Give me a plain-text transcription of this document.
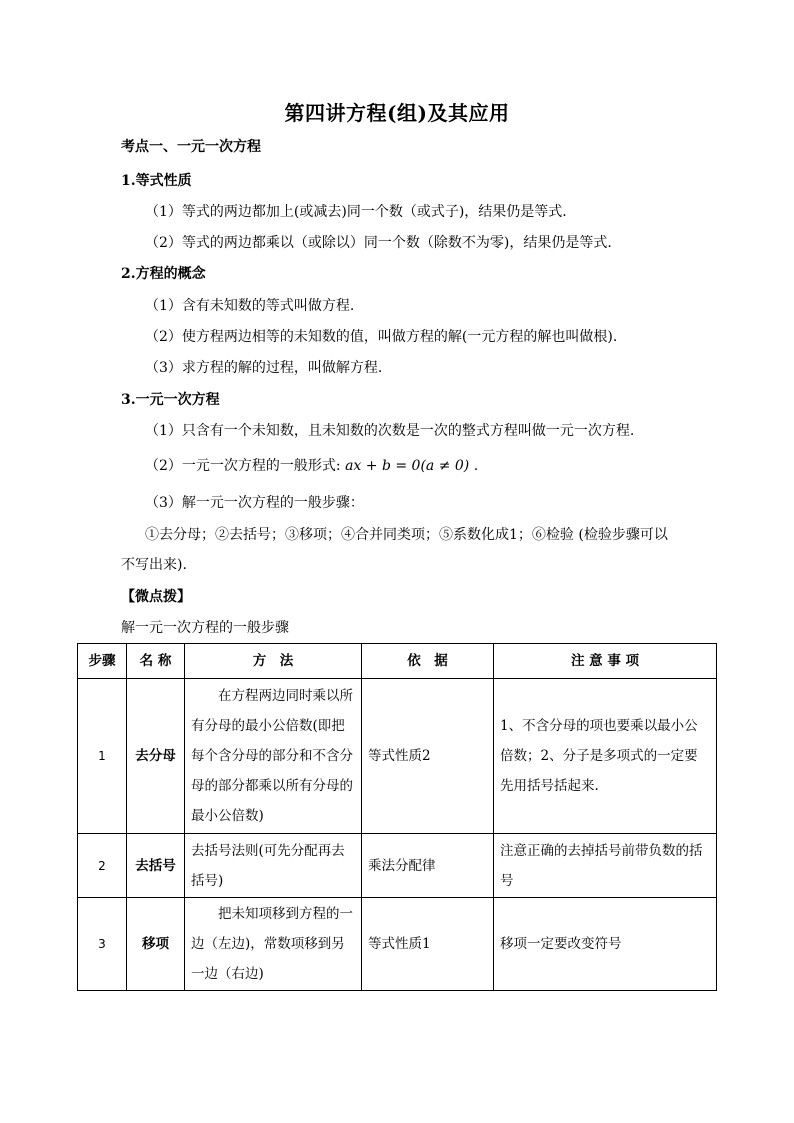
第四讲方程(组)及其应用
考点一、一元一次方程
1.等式性质
（1）等式的两边都加上(或减去)同一个数（或式子)，结果仍是等式.
（2）等式的两边都乘以（或除以）同一个数（除数不为零)，结果仍是等式.
2.方程的概念
（1）含有未知数的等式叫做方程.
（2）使方程两边相等的未知数的值，叫做方程的解(一元方程的解也叫做根).
（3）求方程的解的过程，叫做解方程.
3.一元一次方程
（1）只含有一个未知数，且未知数的次数是一次的整式方程叫做一元一次方程.
（2）一元一次方程的一般形式: ax + b = 0(a ≠ 0) .
（3）解一元一次方程的一般步骤：
①去分母；②去括号；③移项；④合并同类项；⑤系数化成1；⑥检验 (检验步骤可以
不写出来).
【微点拨】
解一元一次方程的一般步骤
步骤	名 称	方　法	依　据	注 意 事 项
1	去分母	在方程两边同时乘以所有分母的最小公倍数(即把每个含分母的部分和不含分母的部分都乘以所有分母的最小公倍数)	等式性质2	1、不含分母的项也要乘以最小公倍数；2、分子是多项式的一定要先用括号括起来.
2	去括号	去括号法则(可先分配再去括号)	乘法分配律	注意正确的去掉括号前带负数的括号
3	移项	把未知项移到方程的一边（左边)，常数项移到另一边（右边)	等式性质1	移项一定要改变符号
